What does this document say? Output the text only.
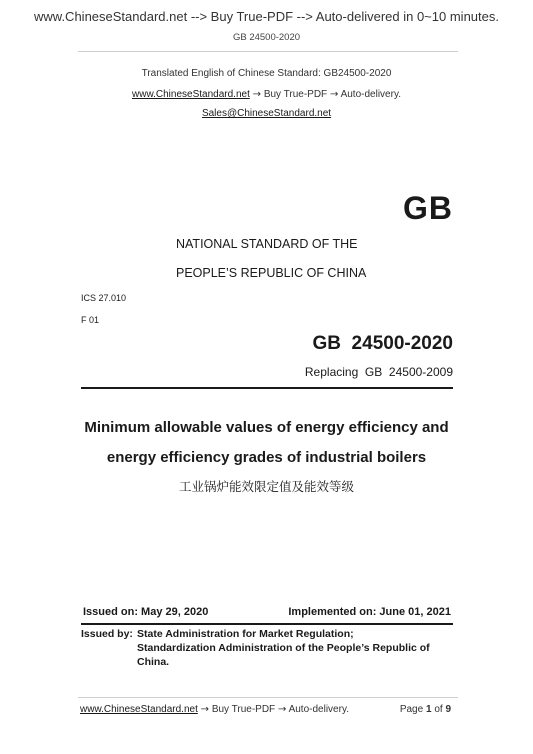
www.ChineseStandard.net --> Buy True-PDF --> Auto-delivered in 0~10 minutes.
GB 24500-2020
Translated English of Chinese Standard: GB24500-2020
www.ChineseStandard.net → Buy True-PDF → Auto-delivery.
Sales@ChineseStandard.net
GB
NATIONAL STANDARD OF THE
PEOPLE’S REPUBLIC OF CHINA
ICS 27.010
F 01
GB  24500-2020
Replacing  GB  24500-2009
Minimum allowable values of energy efficiency and
energy efficiency grades of industrial boilers
工业锅炉能效限定值及能效等级
Issued on: May 29, 2020	Implemented on: June 01, 2021
Issued by: State Administration for Market Regulation;
Standardization Administration of the People’s Republic of
China.
www.ChineseStandard.net → Buy True-PDF → Auto-delivery.	Page 1 of 9
